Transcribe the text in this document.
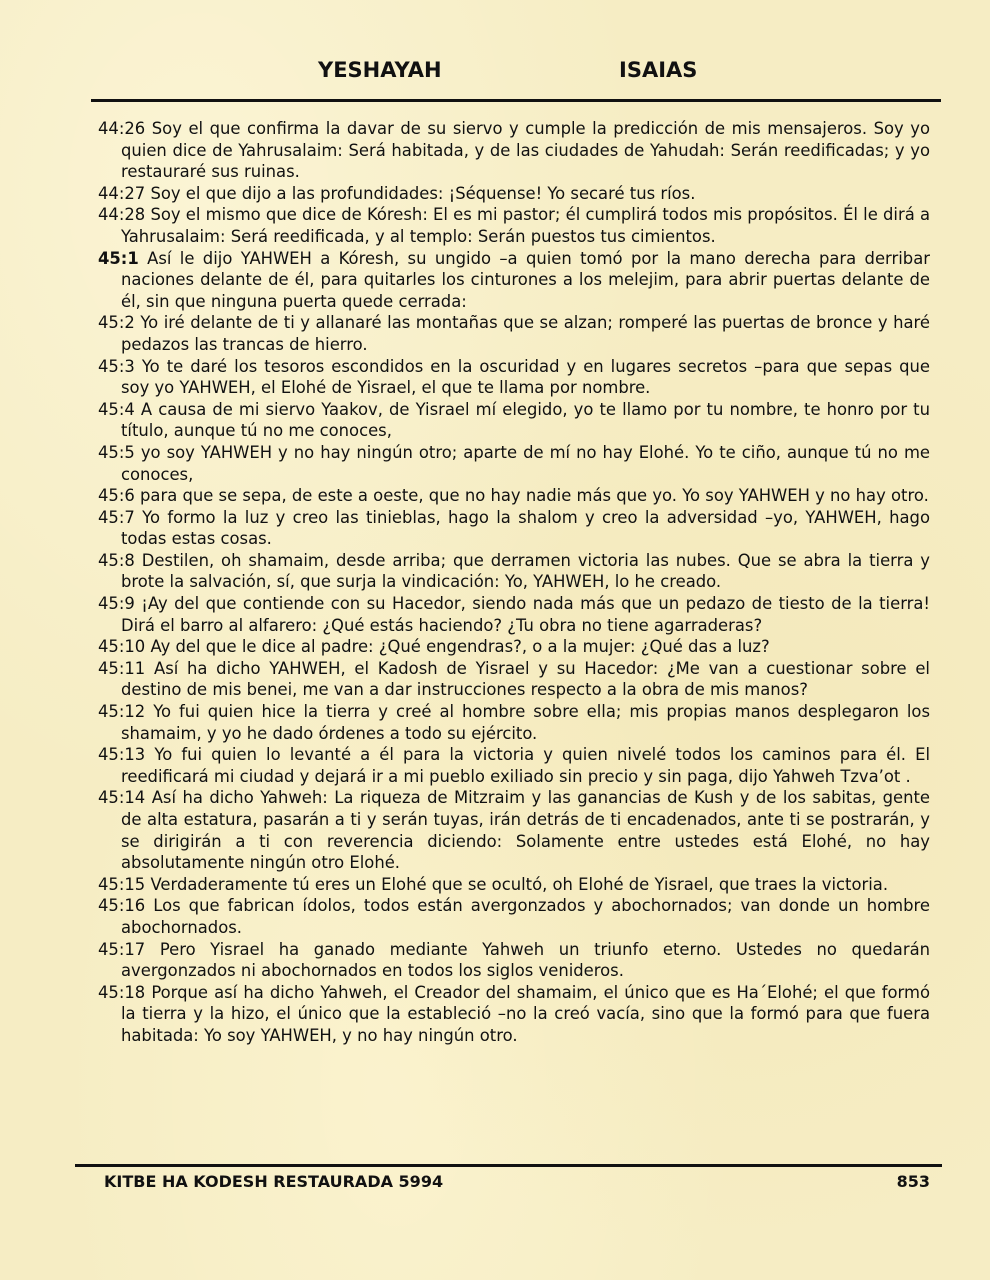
YESHAYAH	ISAIAS

44:26 Soy el que confirma la davar de su siervo y cumple la predicción de mis mensajeros. Soy yo quien dice de Yahrusalaim: Será habitada, y de las ciudades de Yahudah: Serán reedificadas; y yo restauraré sus ruinas.

44:27 Soy el que dijo a las profundidades: ¡Séquense! Yo secaré tus ríos.

44:28 Soy el mismo que dice de Kóresh: El es mi pastor; él cumplirá todos mis propósitos. Él le dirá a Yahrusalaim: Será reedificada, y al templo: Serán puestos tus cimientos.

45:1 Así le dijo YAHWEH a Kóresh, su ungido –a quien tomó por la mano derecha para derribar naciones delante de él, para quitarles los cinturones a los melejim, para abrir puertas delante de él, sin que ninguna puerta quede cerrada:

45:2 Yo iré delante de ti y allanaré las montañas que se alzan; romperé las puertas de bronce y haré pedazos las trancas de hierro.

45:3 Yo te daré los tesoros escondidos en la oscuridad y en lugares secretos –para que sepas que soy yo YAHWEH, el Elohé de Yisrael, el que te llama por nombre.

45:4 A causa de mi siervo Yaakov, de Yisrael mí elegido, yo te llamo por tu nombre, te honro por tu título, aunque tú no me conoces,

45:5 yo soy YAHWEH y no hay ningún otro; aparte de mí no hay Elohé. Yo te ciño, aunque tú no me conoces,

45:6 para que se sepa, de este a oeste, que no hay nadie más que yo. Yo soy YAHWEH y no hay otro.

45:7 Yo formo la luz y creo las tinieblas, hago la shalom y creo la adversidad –yo, YAHWEH, hago todas estas cosas.

45:8 Destilen, oh shamaim, desde arriba; que derramen victoria las nubes. Que se abra la tierra y brote la salvación, sí, que surja la vindicación: Yo, YAHWEH, lo he creado.

45:9 ¡Ay del que contiende con su Hacedor, siendo nada más que un pedazo de tiesto de la tierra! Dirá el barro al alfarero: ¿Qué estás haciendo? ¿Tu obra no tiene agarraderas?

45:10 Ay del que le dice al padre: ¿Qué engendras?, o a la mujer: ¿Qué das a luz?

45:11 Así ha dicho YAHWEH, el Kadosh de Yisrael y su Hacedor: ¿Me van a cuestionar sobre el destino de mis benei, me van a dar instrucciones respecto a la obra de mis manos?

45:12 Yo fui quien hice la tierra y creé al hombre sobre ella; mis propias manos desplegaron los shamaim, y yo he dado órdenes a todo su ejército.

45:13 Yo fui quien lo levanté a él para la victoria y quien nivelé todos los caminos para él. El reedificará mi ciudad y dejará ir a mi pueblo exiliado sin precio y sin paga, dijo Yahweh Tzva’ot .

45:14 Así ha dicho Yahweh: La riqueza de Mitzraim y las ganancias de Kush y de los sabitas, gente de alta estatura, pasarán a ti y serán tuyas, irán detrás de ti encadenados, ante ti se postrarán, y se dirigirán a ti con reverencia diciendo: Solamente entre ustedes está Elohé, no hay absolutamente ningún otro Elohé.

45:15 Verdaderamente tú eres un Elohé que se ocultó, oh Elohé de Yisrael, que traes la victoria.

45:16 Los que fabrican ídolos, todos están avergonzados y abochornados; van donde un hombre abochornados.

45:17 Pero Yisrael ha ganado mediante Yahweh un triunfo eterno. Ustedes no quedarán avergonzados ni abochornados en todos los siglos venideros.

45:18 Porque así ha dicho Yahweh, el Creador del shamaim, el único que es Ha´Elohé; el que formó la tierra y la hizo, el único que la estableció –no la creó vacía, sino que la formó para que fuera habitada: Yo soy YAHWEH, y no hay ningún otro.

KITBE HA KODESH RESTAURADA 5994	853
